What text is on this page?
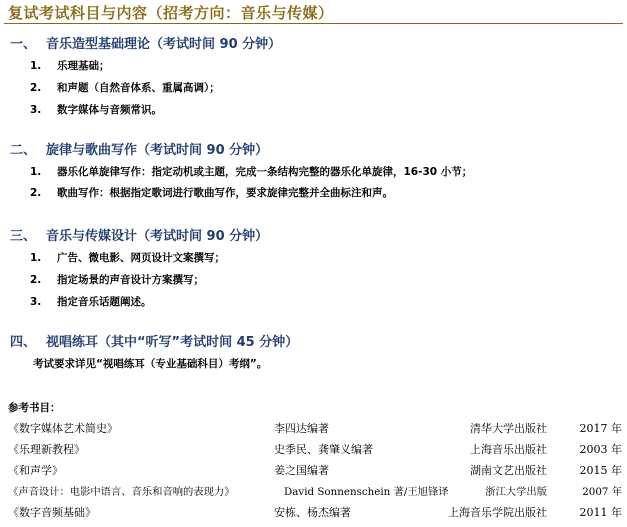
复试考试科目与内容（招考方向：音乐与传媒）
一、 音乐造型基础理论（考试时间 90 分钟）
1. 乐理基础；
2. 和声题（自然音体系、重属高调）；
3. 数字媒体与音频常识。
二、 旋律与歌曲写作（考试时间 90 分钟）
1. 器乐化单旋律写作：指定动机或主题，完成一条结构完整的器乐化单旋律，16-30 小节；
2. 歌曲写作：根据指定歌词进行歌曲写作，要求旋律完整并全曲标注和声。
三、 音乐与传媒设计（考试时间 90 分钟）
1. 广告、微电影、网页设计文案撰写；
2. 指定场景的声音设计方案撰写；
3. 指定音乐话题阐述。
四、 视唱练耳（其中“听写”考试时间 45 分钟）
考试要求详见“视唱练耳（专业基础科目）考纲”。
参考书目：
《数字媒体艺术简史》	李四达编著	清华大学出版社	2017 年
《乐理新教程》	史季民、龚肇义编著	上海音乐出版社	2003 年
《和声学》	姜之国编著	湖南文艺出版社	2015 年
《声音设计：电影中语言、音乐和音响的表现力》	David Sonnenschein 著/王旭锋译	浙江大学出版	2007 年
《数字音频基础》	安栋、杨杰编著	上海音乐学院出版社	2011 年
